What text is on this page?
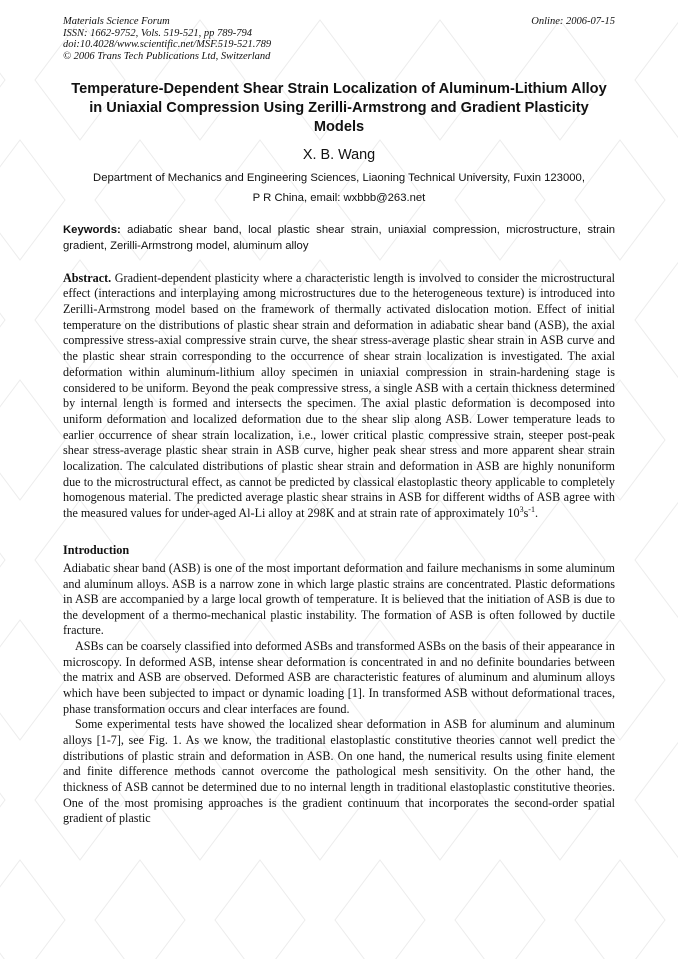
Materials Science Forum
ISSN: 1662-9752, Vols. 519-521, pp 789-794
doi:10.4028/www.scientific.net/MSF.519-521.789
© 2006 Trans Tech Publications Ltd, Switzerland
Online: 2006-07-15
Temperature-Dependent Shear Strain Localization of Aluminum-Lithium Alloy in Uniaxial Compression Using Zerilli-Armstrong and Gradient Plasticity Models
X. B. Wang
Department of Mechanics and Engineering Sciences, Liaoning Technical University, Fuxin 123000,
P R China, email: wxbbb@263.net
Keywords: adiabatic shear band, local plastic shear strain, uniaxial compression, microstructure, strain gradient, Zerilli-Armstrong model, aluminum alloy
Abstract. Gradient-dependent plasticity where a characteristic length is involved to consider the microstructural effect (interactions and interplaying among microstructures due to the heterogeneous texture) is introduced into Zerilli-Armstrong model based on the framework of thermally activated dislocation motion. Effect of initial temperature on the distributions of plastic shear strain and deformation in adiabatic shear band (ASB), the axial compressive stress-axial compressive strain curve, the shear stress-average plastic shear strain in ASB curve and the plastic shear strain corresponding to the occurrence of shear strain localization is investigated. The axial deformation within aluminum-lithium alloy specimen in uniaxial compression in strain-hardening stage is considered to be uniform. Beyond the peak compressive stress, a single ASB with a certain thickness determined by internal length is formed and intersects the specimen. The axial plastic deformation is decomposed into uniform deformation and localized deformation due to the shear slip along ASB. Lower temperature leads to earlier occurrence of shear strain localization, i.e., lower critical plastic compressive strain, steeper post-peak shear stress-average plastic shear strain in ASB curve, higher peak shear stress and more apparent shear strain localization. The calculated distributions of plastic shear strain and deformation in ASB are highly nonuniform due to the microstructural effect, as cannot be predicted by classical elastoplastic theory applicable to completely homogenous material. The predicted average plastic shear strains in ASB for different widths of ASB agree with the measured values for under-aged Al-Li alloy at 298K and at strain rate of approximately $10^3s^{-1}$.
Introduction

Adiabatic shear band (ASB) is one of the most important deformation and failure mechanisms in some aluminum and aluminum alloys. ASB is a narrow zone in which large plastic strains are concentrated. Plastic deformations in ASB are accompanied by a large local growth of temperature. It is believed that the initiation of ASB is due to the development of a thermo-mechanical plastic instability. The formation of ASB is often followed by ductile fracture.

ASBs can be coarsely classified into deformed ASBs and transformed ASBs on the basis of their appearance in microscopy. In deformed ASB, intense shear deformation is concentrated in and no definite boundaries between the matrix and ASB are observed. Deformed ASB are characteristic features of aluminum and aluminum alloys which have been subjected to impact or dynamic loading [1]. In transformed ASB without deformational traces, phase transformation occurs and clear interfaces are found.

Some experimental tests have showed the localized shear deformation in ASB for aluminum and aluminum alloys [1-7], see Fig. 1. As we know, the traditional elastoplastic constitutive theories cannot well predict the distributions of plastic strain and deformation in ASB. On one hand, the numerical results using finite element and finite difference methods cannot overcome the pathological mesh sensitivity. On the other hand, the thickness of ASB cannot be determined due to no internal length in traditional elastoplastic constitutive theories. One of the most promising approaches is the gradient continuum that incorporates the second-order spatial gradient of plastic
